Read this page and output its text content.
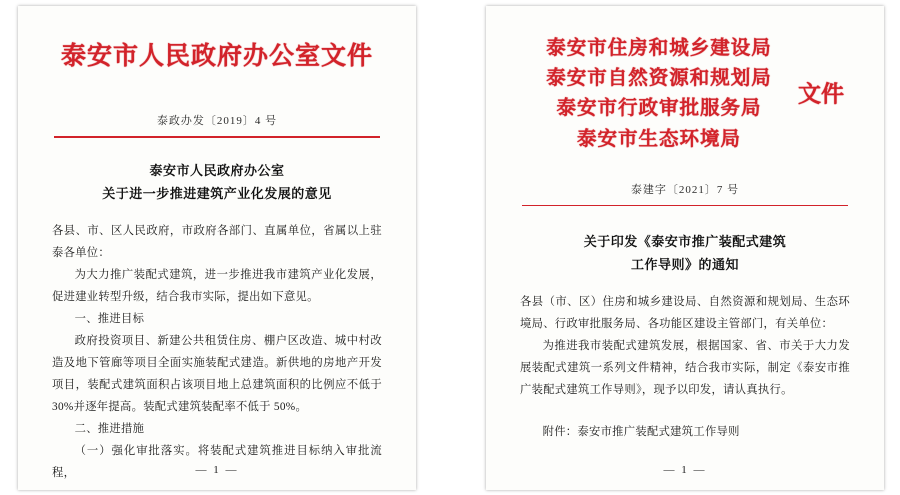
泰安市人民政府办公室文件
泰政办发〔2019〕4 号
泰安市人民政府办公室
关于进一步推进建筑产业化发展的意见

各县、市、区人民政府，市政府各部门、直属单位，省属以上驻泰各单位：

为大力推广装配式建筑，进一步推进我市建筑产业化发展，促进建业转型升级，结合我市实际，提出如下意见。

一、推进目标

政府投资项目、新建公共租赁住房、棚户区改造、城中村改造及地下管廊等项目全面实施装配式建造。新供地的房地产开发项目，装配式建筑面积占该项目地上总建筑面积的比例应不低于30%并逐年提高。装配式建筑装配率不低于 50%。

二、推进措施

（一）强化审批落实。将装配式建筑推进目标纳入审批流程，	— 1 —
泰安市住房和城乡建设局
泰安市自然资源和规划局
泰安市行政审批服务局
泰安市生态环境局
文件
泰建字〔2021〕7 号
关于印发《泰安市推广装配式建筑
工作导则》的通知

各县（市、区）住房和城乡建设局、自然资源和规划局、生态环境局、行政审批服务局、各功能区建设主管部门，有关单位：

为推进我市装配式建筑发展，根据国家、省、市关于大力发展装配式建筑一系列文件精神，结合我市实际，制定《泰安市推广装配式建筑工作导则》，现予以印发，请认真执行。

附件：泰安市推广装配式建筑工作导则
— 1 —
